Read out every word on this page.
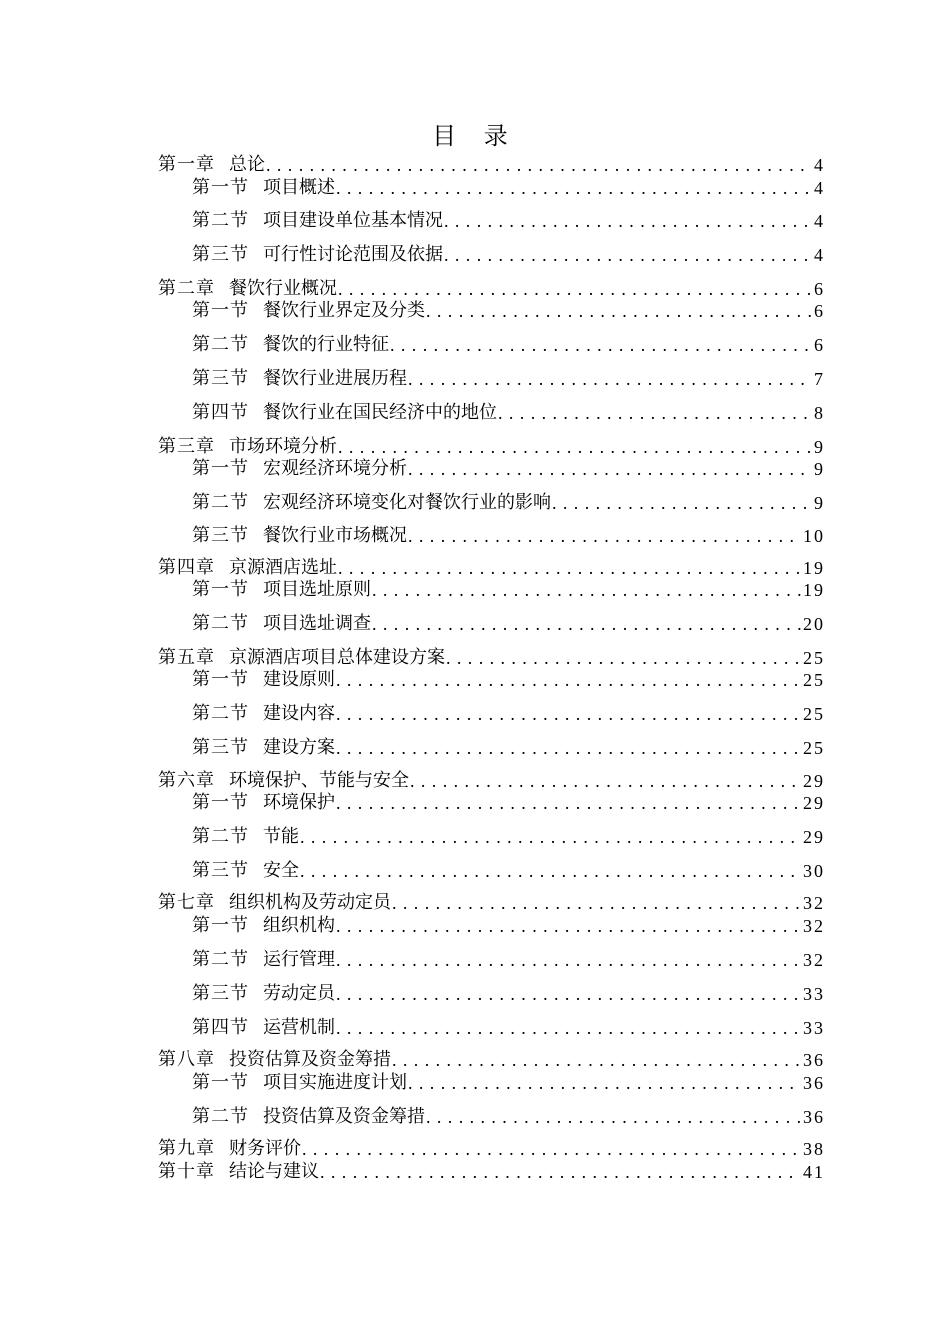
目 录
第一章 总论 .....	4
第一节 项目概述 .....	4
第二节 项目建设单位基本情况 .....	4
第三节 可行性讨论范围及依据 .....	4
第二章 餐饮行业概况 .....	6
第一节 餐饮行业界定及分类 .....	6
第二节 餐饮的行业特征 .....	6
第三节 餐饮行业进展历程 .....	7
第四节 餐饮行业在国民经济中的地位 .....	8
第三章 市场环境分析 .....	9
第一节 宏观经济环境分析 .....	9
第二节 宏观经济环境变化对餐饮行业的影响 .....	9
第三节 餐饮行业市场概况 .....	10
第四章 京源酒店选址 .....	19
第一节 项目选址原则 .....	19
第二节 项目选址调查 .....	20
第五章 京源酒店项目总体建设方案 .....	25
第一节 建设原则 .....	25
第二节 建设内容 .....	25
第三节 建设方案 .....	25
第六章 环境保护、节能与安全 .....	29
第一节 环境保护 .....	29
第二节 节能 .....	29
第三节 安全 .....	30
第七章 组织机构及劳动定员 .....	32
第一节 组织机构 .....	32
第二节 运行管理 .....	32
第三节 劳动定员 .....	33
第四节 运营机制 .....	33
第八章 投资估算及资金筹措 .....	36
第一节 项目实施进度计划 .....	36
第二节 投资估算及资金筹措 .....	36
第九章 财务评价 .....	38
第十章 结论与建议 .....	41
